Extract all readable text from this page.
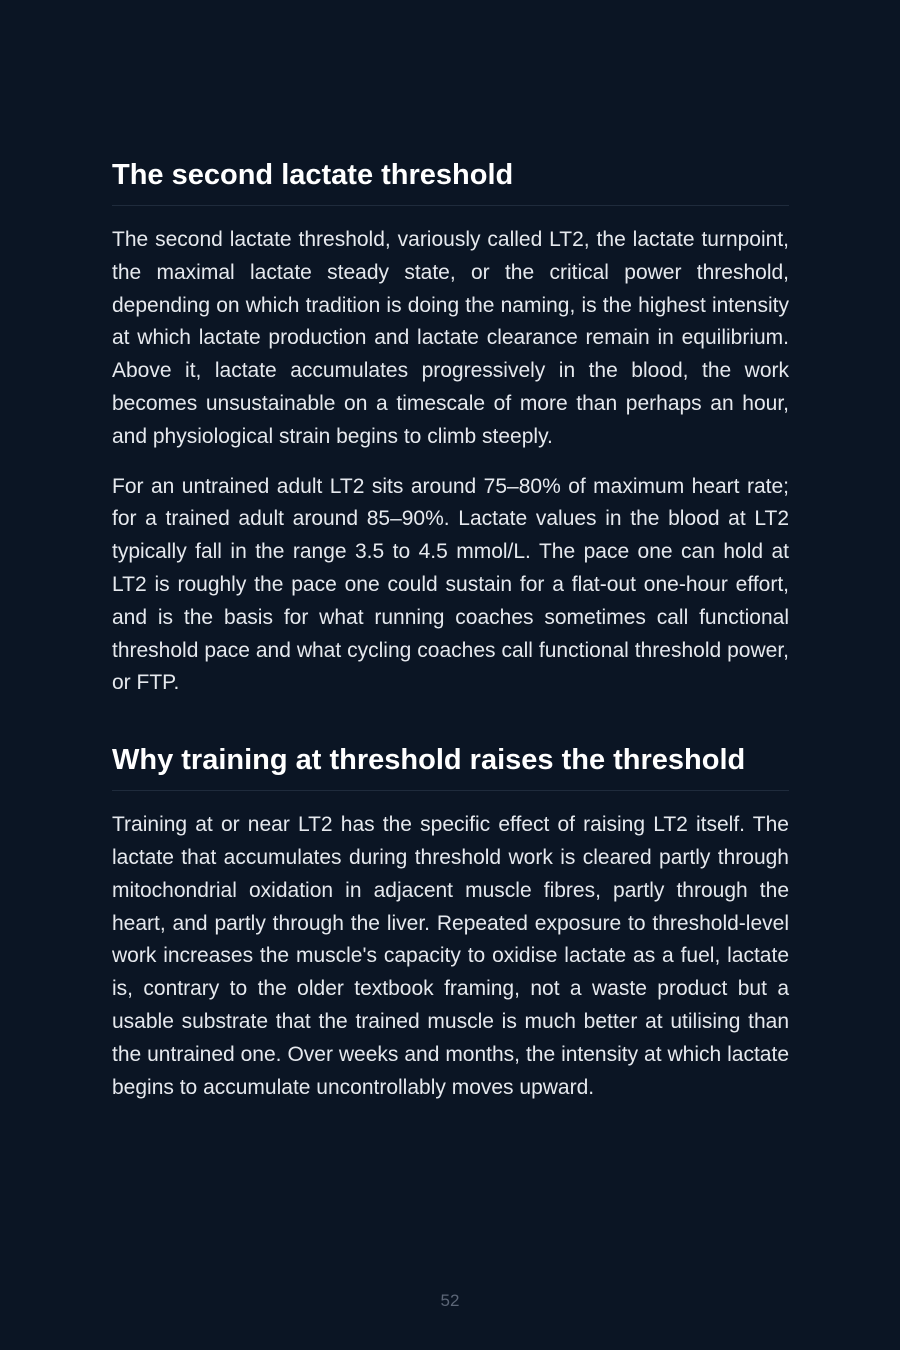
The second lactate threshold

The second lactate threshold, variously called LT2, the lactate turnpoint, the maximal lactate steady state, or the critical power threshold, depending on which tradition is doing the naming, is the highest intensity at which lactate production and lactate clearance remain in equilibrium. Above it, lactate accumulates progressively in the blood, the work becomes unsustainable on a timescale of more than perhaps an hour, and physiological strain begins to climb steeply.

For an untrained adult LT2 sits around 75–80% of maximum heart rate; for a trained adult around 85–90%. Lactate values in the blood at LT2 typically fall in the range 3.5 to 4.5 mmol/L. The pace one can hold at LT2 is roughly the pace one could sustain for a flat-out one-hour effort, and is the basis for what running coaches sometimes call functional threshold pace and what cycling coaches call functional threshold power, or FTP.

Why training at threshold raises the threshold

Training at or near LT2 has the specific effect of raising LT2 itself. The lactate that accumulates during threshold work is cleared partly through mitochondrial oxidation in adjacent muscle fibres, partly through the heart, and partly through the liver. Repeated exposure to threshold-level work increases the muscle's capacity to oxidise lactate as a fuel, lactate is, contrary to the older textbook framing, not a waste product but a usable substrate that the trained muscle is much better at utilising than the untrained one. Over weeks and months, the intensity at which lactate begins to accumulate uncontrollably moves upward.

52
